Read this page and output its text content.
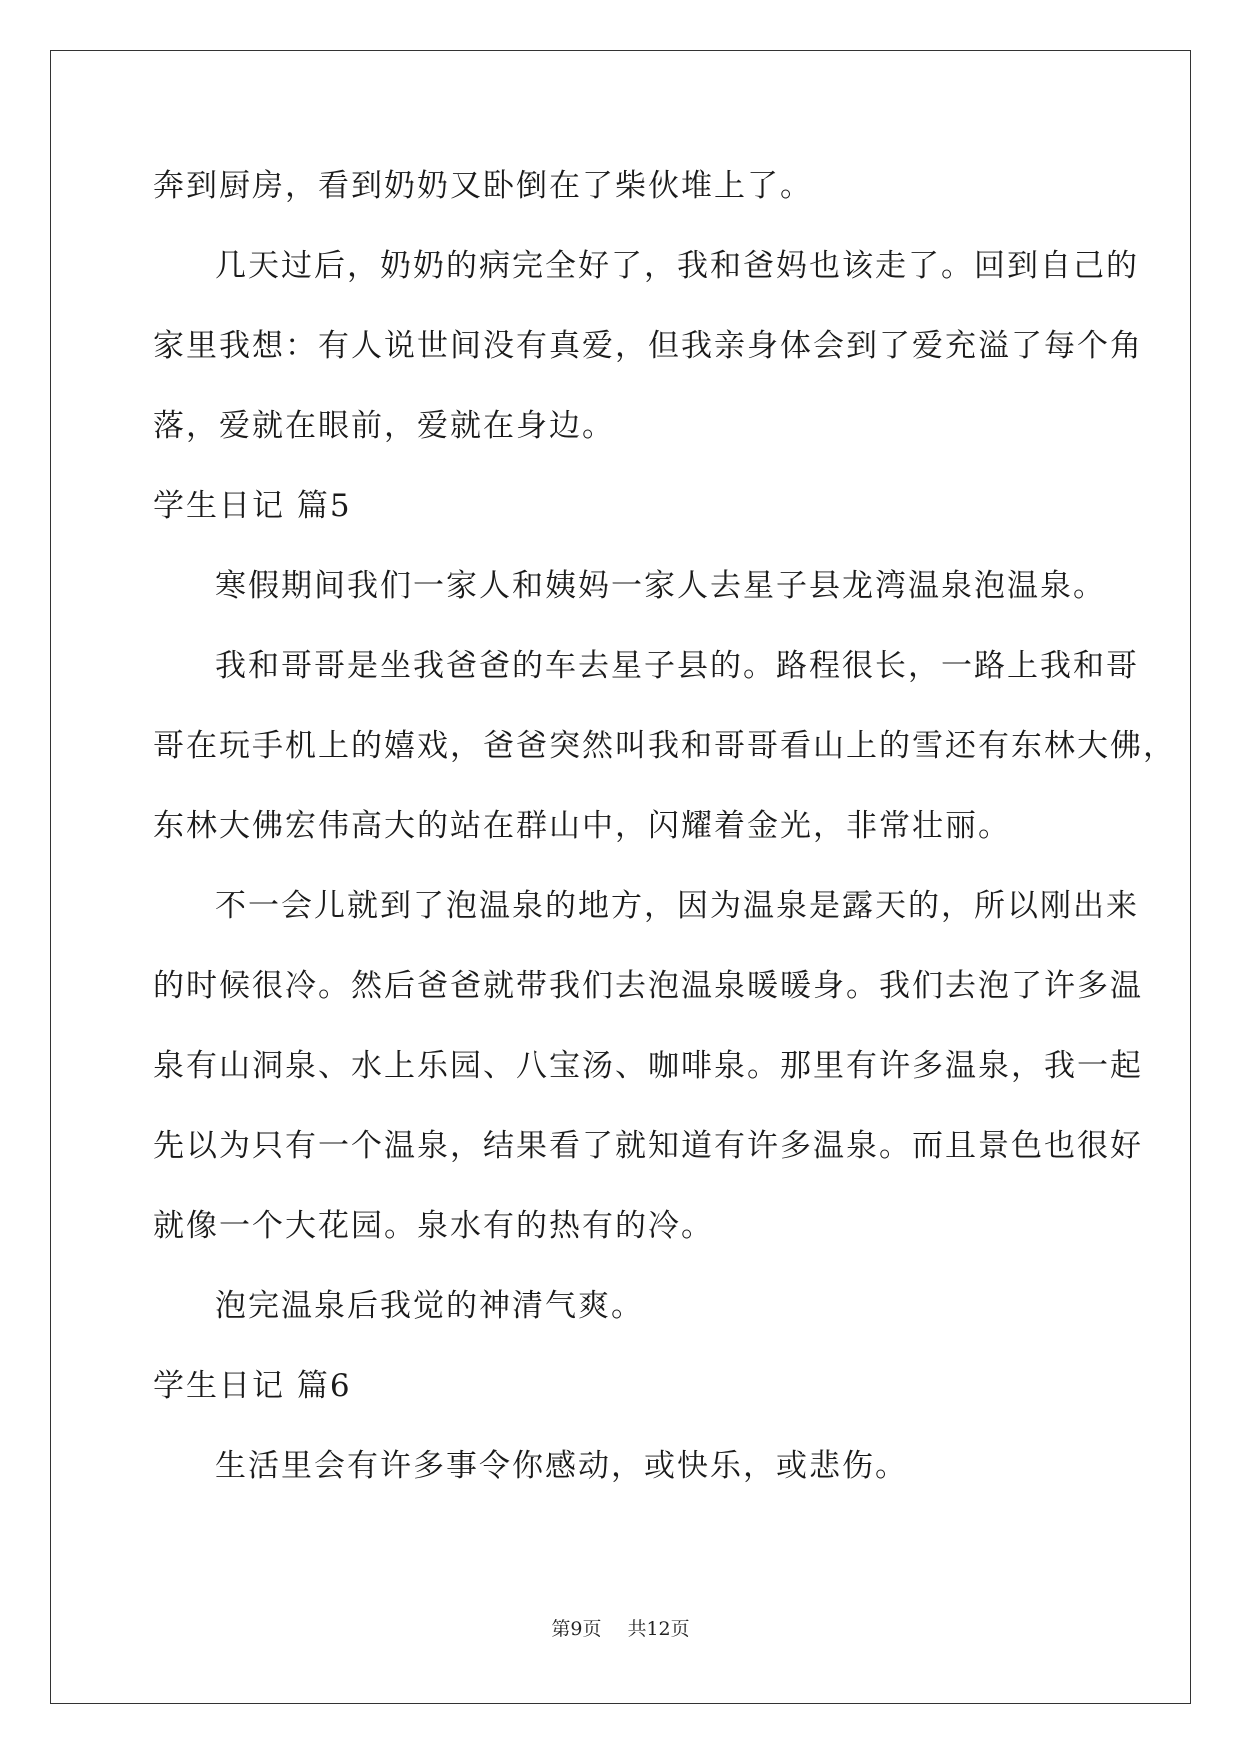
奔到厨房，看到奶奶又卧倒在了柴伙堆上了。
几天过后，奶奶的病完全好了，我和爸妈也该走了。回到自己的
家里我想：有人说世间没有真爱，但我亲身体会到了爱充溢了每个角
落，爱就在眼前，爱就在身边。
学生日记 篇5
寒假期间我们一家人和姨妈一家人去星子县龙湾温泉泡温泉。
我和哥哥是坐我爸爸的车去星子县的。路程很长，一路上我和哥
哥在玩手机上的嬉戏，爸爸突然叫我和哥哥看山上的雪还有东林大佛，
东林大佛宏伟高大的站在群山中，闪耀着金光，非常壮丽。
不一会儿就到了泡温泉的地方，因为温泉是露天的，所以刚出来
的时候很冷。然后爸爸就带我们去泡温泉暖暖身。我们去泡了许多温
泉有山洞泉、水上乐园、八宝汤、咖啡泉。那里有许多温泉，我一起
先以为只有一个温泉，结果看了就知道有许多温泉。而且景色也很好
就像一个大花园。泉水有的热有的冷。
泡完温泉后我觉的神清气爽。
学生日记 篇6
生活里会有许多事令你感动，或快乐，或悲伤。
第9页 共12页
